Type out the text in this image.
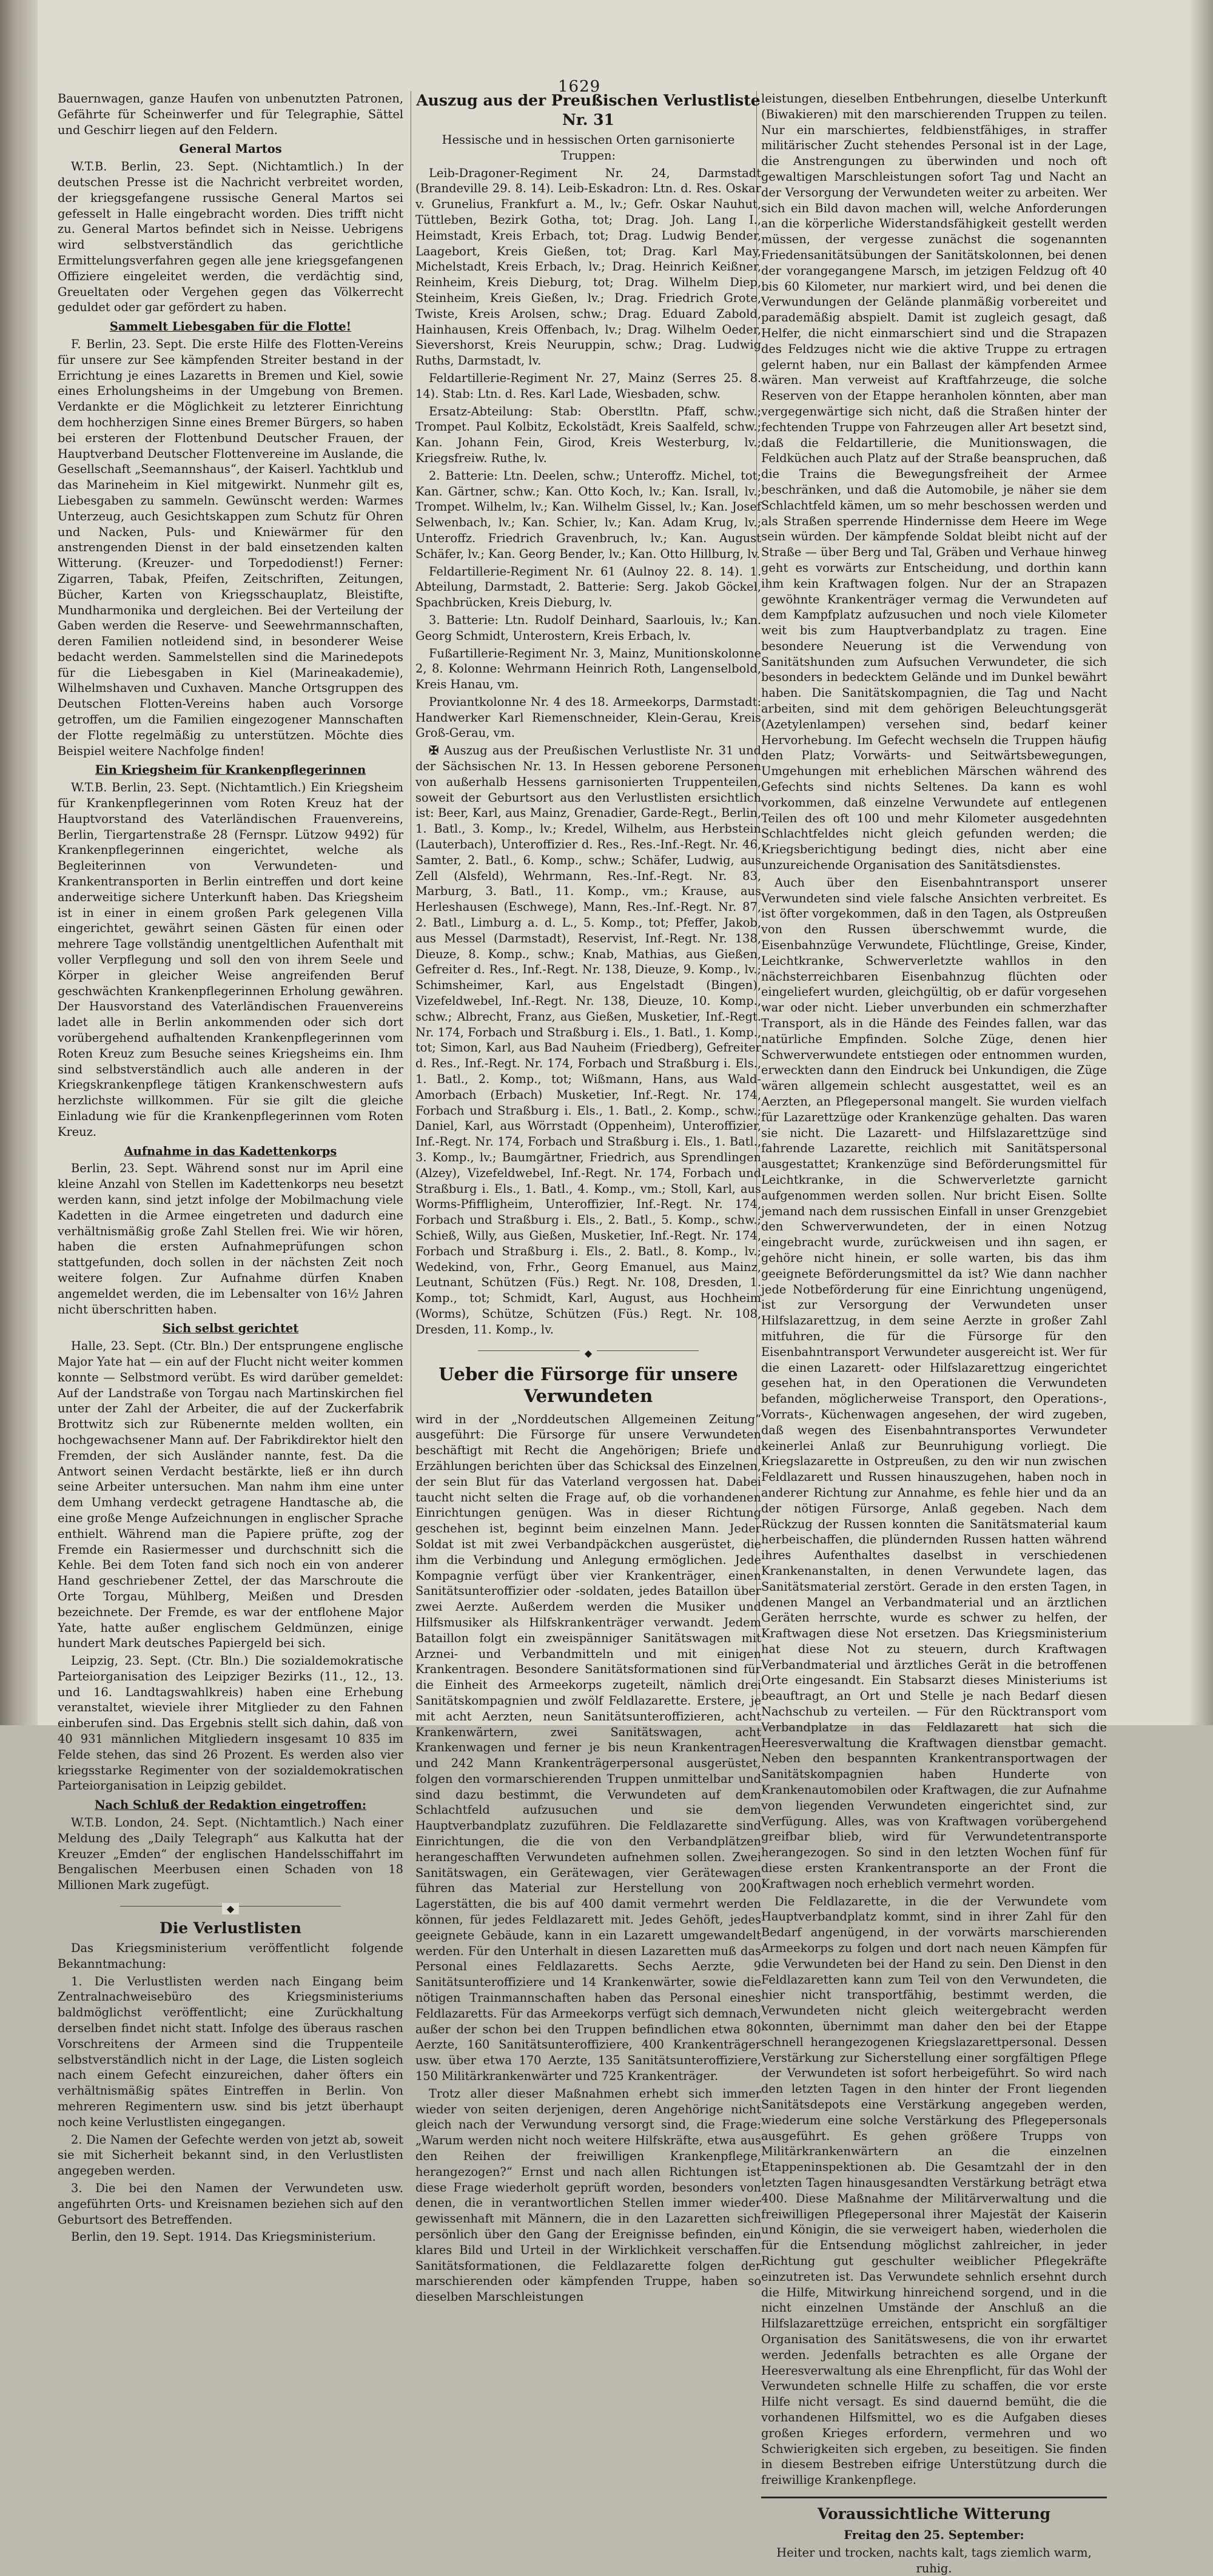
1629

Bauernwagen, ganze Haufen von unbenutzten Patronen, Gefährte für Scheinwerfer und für Telegraphie, Sättel und Geschirr liegen auf den Feldern.

General Martos

W.T.B. Berlin, 23. Sept. (Nichtamtlich.) In der deutschen Presse ist die Nachricht verbreitet worden, der kriegsgefangene russische General Martos sei gefesselt in Halle eingebracht worden. Dies trifft nicht zu. General Martos befindet sich in Neisse. Uebrigens wird selbstverständlich das gerichtliche Ermittelungsverfahren gegen alle jene kriegsgefangenen Offiziere eingeleitet werden, die verdächtig sind, Greueltaten oder Vergehen gegen das Völkerrecht geduldet oder gar gefördert zu haben.

Sammelt Liebesgaben für die Flotte!

F. Berlin, 23. Sept. Die erste Hilfe des Flotten-Vereins für unsere zur See kämpfenden Streiter bestand in der Errichtung je eines Lazaretts in Bremen und Kiel, sowie eines Erholungsheims in der Umgebung von Bremen. Verdankte er die Möglichkeit zu letzterer Einrichtung dem hochherzigen Sinne eines Bremer Bürgers, so haben bei ersteren der Flottenbund Deutscher Frauen, der Hauptverband Deutscher Flottenvereine im Auslande, die Gesellschaft „Seemannshaus“, der Kaiserl. Yachtklub und das Marineheim in Kiel mitgewirkt. Nunmehr gilt es, Liebesgaben zu sammeln. Gewünscht werden: Warmes Unterzeug, auch Gesichtskappen zum Schutz für Ohren und Nacken, Puls- und Kniewärmer für den anstrengenden Dienst in der bald einsetzenden kalten Witterung. (Kreuzer- und Torpedodienst!) Ferner: Zigarren, Tabak, Pfeifen, Zeitschriften, Zeitungen, Bücher, Karten von Kriegsschauplatz, Bleistifte, Mundharmonika und dergleichen. Bei der Verteilung der Gaben werden die Reserve- und Seewehrmannschaften, deren Familien notleidend sind, in besonderer Weise bedacht werden. Sammelstellen sind die Marinedepots für die Liebesgaben in Kiel (Marineakademie), Wilhelmshaven und Cuxhaven. Manche Ortsgruppen des Deutschen Flotten-Vereins haben auch Vorsorge getroffen, um die Familien eingezogener Mannschaften der Flotte regelmäßig zu unterstützen. Möchte dies Beispiel weitere Nachfolge finden!

Ein Kriegsheim für Krankenpflegerinnen

W.T.B. Berlin, 23. Sept. (Nichtamtlich.) Ein Kriegsheim für Krankenpflegerinnen vom Roten Kreuz hat der Hauptvorstand des Vaterländischen Frauenvereins, Berlin, Tiergartenstraße 28 (Fernspr. Lützow 9492) für Krankenpflegerinnen eingerichtet, welche als Begleiterinnen von Verwundeten- und Krankentransporten in Berlin eintreffen und dort keine anderweitige sichere Unterkunft haben. Das Kriegsheim ist in einer in einem großen Park gelegenen Villa eingerichtet, gewährt seinen Gästen für einen oder mehrere Tage vollständig unentgeltlichen Aufenthalt mit voller Verpflegung und soll den von ihrem Seele und Körper in gleicher Weise angreifenden Beruf geschwächten Krankenpflegerinnen Erholung gewähren. Der Hausvorstand des Vaterländischen Frauenvereins ladet alle in Berlin ankommenden oder sich dort vorübergehend aufhaltenden Krankenpflegerinnen vom Roten Kreuz zum Besuche seines Kriegsheims ein. Ihm sind selbstverständlich auch alle anderen in der Kriegskrankenpflege tätigen Krankenschwestern aufs herzlichste willkommen. Für sie gilt die gleiche Einladung wie für die Krankenpflegerinnen vom Roten Kreuz.

Aufnahme in das Kadettenkorps

Berlin, 23. Sept. Während sonst nur im April eine kleine Anzahl von Stellen im Kadettenkorps neu besetzt werden kann, sind jetzt infolge der Mobilmachung viele Kadetten in die Armee eingetreten und dadurch eine verhältnismäßig große Zahl Stellen frei. Wie wir hören, haben die ersten Aufnahmeprüfungen schon stattgefunden, doch sollen in der nächsten Zeit noch weitere folgen. Zur Aufnahme dürfen Knaben angemeldet werden, die im Lebensalter von 16½ Jahren nicht überschritten haben.

Sich selbst gerichtet

Halle, 23. Sept. (Ctr. Bln.) Der entsprungene englische Major Yate hat — ein auf der Flucht nicht weiter kommen konnte — Selbstmord verübt. Es wird darüber gemeldet: Auf der Landstraße von Torgau nach Martinskirchen fiel unter der Zahl der Arbeiter, die auf der Zuckerfabrik Brottwitz sich zur Rübenernte melden wollten, ein hochgewachsener Mann auf. Der Fabrikdirektor hielt den Fremden, der sich Ausländer nannte, fest. Da die Antwort seinen Verdacht bestärkte, ließ er ihn durch seine Arbeiter untersuchen. Man nahm ihm eine unter dem Umhang verdeckt getragene Handtasche ab, die eine große Menge Aufzeichnungen in englischer Sprache enthielt. Während man die Papiere prüfte, zog der Fremde ein Rasiermesser und durchschnitt sich die Kehle. Bei dem Toten fand sich noch ein von anderer Hand geschriebener Zettel, der das Marschroute die Orte Torgau, Mühlberg, Meißen und Dresden bezeichnete. Der Fremde, es war der entflohene Major Yate, hatte außer englischem Geldmünzen, einige hundert Mark deutsches Papiergeld bei sich.

Leipzig, 23. Sept. (Ctr. Bln.) Die sozialdemokratische Parteiorganisation des Leipziger Bezirks (11., 12., 13. und 16. Landtagswahlkreis) haben eine Erhebung veranstaltet, wieviele ihrer Mitglieder zu den Fahnen einberufen sind. Das Ergebnis stellt sich dahin, daß von 40 931 männlichen Mitgliedern insgesamt 10 835 im Felde stehen, das sind 26 Prozent. Es werden also vier kriegsstarke Regimenter von der sozialdemokratischen Parteiorganisation in Leipzig gebildet.

Nach Schluß der Redaktion eingetroffen:

W.T.B. London, 24. Sept. (Nichtamtlich.) Nach einer Meldung des „Daily Telegraph“ aus Kalkutta hat der Kreuzer „Emden“ der englischen Handelsschiffahrt im Bengalischen Meerbusen einen Schaden von 18 Millionen Mark zugefügt.

◆

Die Verlustlisten

Das Kriegsministerium veröffentlicht folgende Bekanntmachung:

1. Die Verlustlisten werden nach Eingang beim Zentralnachweisebüro des Kriegsministeriums baldmöglichst veröffentlicht; eine Zurückhaltung derselben findet nicht statt. Infolge des überaus raschen Vorschreitens der Armeen sind die Truppenteile selbstverständlich nicht in der Lage, die Listen sogleich nach einem Gefecht einzureichen, daher öfters ein verhältnismäßig spätes Eintreffen in Berlin. Von mehreren Regimentern usw. sind bis jetzt überhaupt noch keine Verlustlisten eingegangen.

2. Die Namen der Gefechte werden von jetzt ab, soweit sie mit Sicherheit bekannt sind, in den Verlustlisten angegeben werden.

3. Die bei den Namen der Verwundeten usw. angeführten Orts- und Kreisnamen beziehen sich auf den Geburtsort des Betreffenden.

Berlin, den 19. Sept. 1914. Das Kriegsministerium.

Auszug aus der Preußischen Verlustliste Nr. 31

Hessische und in hessischen Orten garnisonierte Truppen:

Leib-Dragoner-Regiment Nr. 24, Darmstadt (Brandeville 29. 8. 14). Leib-Eskadron: Ltn. d. Res. Oskar v. Grunelius, Frankfurt a. M., lv.; Gefr. Oskar Nauhut, Tüttleben, Bezirk Gotha, tot; Drag. Joh. Lang I., Heimstadt, Kreis Erbach, tot; Drag. Ludwig Bender, Laagebort, Kreis Gießen, tot; Drag. Karl May, Michelstadt, Kreis Erbach, lv.; Drag. Heinrich Keißner, Reinheim, Kreis Dieburg, tot; Drag. Wilhelm Diep, Steinheim, Kreis Gießen, lv.; Drag. Friedrich Grote, Twiste, Kreis Arolsen, schw.; Drag. Eduard Zabold, Hainhausen, Kreis Offenbach, lv.; Drag. Wilhelm Oeder, Sievershorst, Kreis Neuruppin, schw.; Drag. Ludwig Ruths, Darmstadt, lv.

Feldartillerie-Regiment Nr. 27, Mainz (Serres 25. 8. 14). Stab: Ltn. d. Res. Karl Lade, Wiesbaden, schw.

Ersatz-Abteilung: Stab: Oberstltn. Pfaff, schw.; Trompet. Paul Kolbitz, Eckolstädt, Kreis Saalfeld, schw.; Kan. Johann Fein, Girod, Kreis Westerburg, lv.; Kriegsfreiw. Ruthe, lv.

2. Batterie: Ltn. Deelen, schw.; Unteroffz. Michel, tot; Kan. Gärtner, schw.; Kan. Otto Koch, lv.; Kan. Israll, lv.; Trompet. Wilhelm, lv.; Kan. Wilhelm Gissel, lv.; Kan. Josef Selwenbach, lv.; Kan. Schier, lv.; Kan. Adam Krug, lv.; Unteroffz. Friedrich Gravenbruch, lv.; Kan. August Schäfer, lv.; Kan. Georg Bender, lv.; Kan. Otto Hillburg, lv.

Feldartillerie-Regiment Nr. 61 (Aulnoy 22. 8. 14). 1. Abteilung, Darmstadt, 2. Batterie: Serg. Jakob Göckel, Spachbrücken, Kreis Dieburg, lv.

3. Batterie: Ltn. Rudolf Deinhard, Saarlouis, lv.; Kan. Georg Schmidt, Unterostern, Kreis Erbach, lv.

Fußartillerie-Regiment Nr. 3, Mainz, Munitionskolonne 2, 8. Kolonne: Wehrmann Heinrich Roth, Langenselbold, Kreis Hanau, vm.

Proviantkolonne Nr. 4 des 18. Armeekorps, Darmstadt: Handwerker Karl Riemenschneider, Klein-Gerau, Kreis Groß-Gerau, vm.

✠ Auszug aus der Preußischen Verlustliste Nr. 31 und der Sächsischen Nr. 13. In Hessen geborene Personen von außerhalb Hessens garnisonierten Truppenteilen, soweit der Geburtsort aus den Verlustlisten ersichtlich ist: Beer, Karl, aus Mainz, Grenadier, Garde-Regt., Berlin, 1. Batl., 3. Komp., lv.; Kredel, Wilhelm, aus Herbstein (Lauterbach), Unteroffizier d. Res., Res.-Inf.-Regt. Nr. 46, Samter, 2. Batl., 6. Komp., schw.; Schäfer, Ludwig, aus Zell (Alsfeld), Wehrmann, Res.-Inf.-Regt. Nr. 83, Marburg, 3. Batl., 11. Komp., vm.; Krause, aus Herleshausen (Eschwege), Mann, Res.-Inf.-Regt. Nr. 87, 2. Batl., Limburg a. d. L., 5. Komp., tot; Pfeffer, Jakob, aus Messel (Darmstadt), Reservist, Inf.-Regt. Nr. 138, Dieuze, 8. Komp., schw.; Knab, Mathias, aus Gießen, Gefreiter d. Res., Inf.-Regt. Nr. 138, Dieuze, 9. Komp., lv.; Schimsheimer, Karl, aus Engelstadt (Bingen), Vizefeldwebel, Inf.-Regt. Nr. 138, Dieuze, 10. Komp., schw.; Albrecht, Franz, aus Gießen, Musketier, Inf.-Regt. Nr. 174, Forbach und Straßburg i. Els., 1. Batl., 1. Komp., tot; Simon, Karl, aus Bad Nauheim (Friedberg), Gefreiter d. Res., Inf.-Regt. Nr. 174, Forbach und Straßburg i. Els., 1. Batl., 2. Komp., tot; Wißmann, Hans, aus Wald-Amorbach (Erbach) Musketier, Inf.-Regt. Nr. 174, Forbach und Straßburg i. Els., 1. Batl., 2. Komp., schw.; Daniel, Karl, aus Wörrstadt (Oppenheim), Unteroffizier, Inf.-Regt. Nr. 174, Forbach und Straßburg i. Els., 1. Batl., 3. Komp., lv.; Baumgärtner, Friedrich, aus Sprendlingen (Alzey), Vizefeldwebel, Inf.-Regt. Nr. 174, Forbach und Straßburg i. Els., 1. Batl., 4. Komp., vm.; Stoll, Karl, aus Worms-Pfiffligheim, Unteroffizier, Inf.-Regt. Nr. 174, Forbach und Straßburg i. Els., 2. Batl., 5. Komp., schw.; Schieß, Willy, aus Gießen, Musketier, Inf.-Regt. Nr. 174, Forbach und Straßburg i. Els., 2. Batl., 8. Komp., lv.; Wedekind, von, Frhr., Georg Emanuel, aus Mainz, Leutnant, Schützen (Füs.) Regt. Nr. 108, Dresden, 1. Komp., tot; Schmidt, Karl, August, aus Hochheim (Worms), Schütze, Schützen (Füs.) Regt. Nr. 108, Dresden, 11. Komp., lv.

◆

Ueber die Fürsorge für unsere Verwundeten

wird in der „Norddeutschen Allgemeinen Zeitung“ ausgeführt: Die Fürsorge für unsere Verwundeten beschäftigt mit Recht die Angehörigen; Briefe und Erzählungen berichten über das Schicksal des Einzelnen, der sein Blut für das Vaterland vergossen hat. Dabei taucht nicht selten die Frage auf, ob die vorhandenen Einrichtungen genügen. Was in dieser Richtung geschehen ist, beginnt beim einzelnen Mann. Jeder Soldat ist mit zwei Verbandpäckchen ausgerüstet, die ihm die Verbindung und Anlegung ermöglichen. Jede Kompagnie verfügt über vier Krankenträger, einen Sanitätsunteroffizier oder -soldaten, jedes Bataillon über zwei Aerzte. Außerdem werden die Musiker und Hilfsmusiker als Hilfskrankenträger verwandt. Jedem Bataillon folgt ein zweispänniger Sanitätswagen mit Arznei- und Verbandmitteln und mit einigen Krankentragen. Besondere Sanitätsformationen sind für die Einheit des Armeekorps zugeteilt, nämlich drei Sanitätskompagnien und zwölf Feldlazarette. Erstere, je mit acht Aerzten, neun Sanitätsunteroffizieren, acht Krankenwärtern, zwei Sanitätswagen, acht Krankenwagen und ferner je bis neun Krankentragen und 242 Mann Krankenträgerpersonal ausgerüstet, folgen den vormarschierenden Truppen unmittelbar und sind dazu bestimmt, die Verwundeten auf dem Schlachtfeld aufzusuchen und sie dem Hauptverbandplatz zuzuführen. Die Feldlazarette sind Einrichtungen, die die von den Verbandplätzen herangeschafften Verwundeten aufnehmen sollen. Zwei Sanitätswagen, ein Gerätewagen, vier Gerätewagen führen das Material zur Herstellung von 200 Lagerstätten, die bis auf 400 damit vermehrt werden können, für jedes Feldlazarett mit. Jedes Gehöft, jedes geeignete Gebäude, kann in ein Lazarett umgewandelt werden. Für den Unterhalt in diesen Lazaretten muß das Personal eines Feldlazaretts. Sechs Aerzte, 9 Sanitätsunteroffiziere und 14 Krankenwärter, sowie die nötigen Trainmannschaften haben das Personal eines Feldlazaretts. Für das Armeekorps verfügt sich demnach, außer der schon bei den Truppen befindlichen etwa 80 Aerzte, 160 Sanitätsunteroffiziere, 400 Krankenträger usw. über etwa 170 Aerzte, 135 Sanitätsunteroffiziere, 150 Militärkrankenwärter und 725 Krankenträger.

Trotz aller dieser Maßnahmen erhebt sich immer wieder von seiten derjenigen, deren Angehörige nicht gleich nach der Verwundung versorgt sind, die Frage: „Warum werden nicht noch weitere Hilfskräfte, etwa aus den Reihen der freiwilligen Krankenpflege, herangezogen?“ Ernst und nach allen Richtungen ist diese Frage wiederholt geprüft worden, besonders von denen, die in verantwortlichen Stellen immer wieder gewissenhaft mit Männern, die in den Lazaretten sich persönlich über den Gang der Ereignisse befinden, ein klares Bild und Urteil in der Wirklichkeit verschaffen. Sanitätsformationen, die Feldlazarette folgen der marschierenden oder kämpfenden Truppe, haben so dieselben Marschleistungen

leistungen, dieselben Entbehrungen, dieselbe Unterkunft (Biwakieren) mit den marschierenden Truppen zu teilen. Nur ein marschiertes, feldbienstfähiges, in straffer militärischer Zucht stehendes Personal ist in der Lage, die Anstrengungen zu überwinden und noch oft gewaltigen Marschleistungen sofort Tag und Nacht an der Versorgung der Verwundeten weiter zu arbeiten. Wer sich ein Bild davon machen will, welche Anforderungen an die körperliche Widerstandsfähigkeit gestellt werden müssen, der vergesse zunächst die sogenannten Friedensanitätsübungen der Sanitätskolonnen, bei denen der vorangegangene Marsch, im jetzigen Feldzug oft 40 bis 60 Kilometer, nur markiert wird, und bei denen die Verwundungen der Gelände planmäßig vorbereitet und parademäßig abspielt. Damit ist zugleich gesagt, daß Helfer, die nicht einmarschiert sind und die Strapazen des Feldzuges nicht wie die aktive Truppe zu ertragen gelernt haben, nur ein Ballast der kämpfenden Armee wären. Man verweist auf Kraftfahrzeuge, die solche Reserven von der Etappe heranholen könnten, aber man vergegenwärtige sich nicht, daß die Straßen hinter der fechtenden Truppe von Fahrzeugen aller Art besetzt sind, daß die Feldartillerie, die Munitionswagen, die Feldküchen auch Platz auf der Straße beanspruchen, daß die Trains die Bewegungsfreiheit der Armee beschränken, und daß die Automobile, je näher sie dem Schlachtfeld kämen, um so mehr beschossen werden und als Straßen sperrende Hindernisse dem Heere im Wege sein würden. Der kämpfende Soldat bleibt nicht auf der Straße — über Berg und Tal, Gräben und Verhaue hinweg geht es vorwärts zur Entscheidung, und dorthin kann ihm kein Kraftwagen folgen. Nur der an Strapazen gewöhnte Krankenträger vermag die Verwundeten auf dem Kampfplatz aufzusuchen und noch viele Kilometer weit bis zum Hauptverbandplatz zu tragen. Eine besondere Neuerung ist die Verwendung von Sanitätshunden zum Aufsuchen Verwundeter, die sich besonders in bedecktem Gelände und im Dunkel bewährt haben. Die Sanitätskompagnien, die Tag und Nacht arbeiten, sind mit dem gehörigen Beleuchtungsgerät (Azetylenlampen) versehen sind, bedarf keiner Hervorhebung. Im Gefecht wechseln die Truppen häufig den Platz; Vorwärts- und Seitwärtsbewegungen, Umgehungen mit erheblichen Märschen während des Gefechts sind nichts Seltenes. Da kann es wohl vorkommen, daß einzelne Verwundete auf entlegenen Teilen des oft 100 und mehr Kilometer ausgedehnten Schlachtfeldes nicht gleich gefunden werden; die Kriegsberichtigung bedingt dies, nicht aber eine unzureichende Organisation des Sanitätsdienstes.

Auch über den Eisenbahntransport unserer Verwundeten sind viele falsche Ansichten verbreitet. Es ist öfter vorgekommen, daß in den Tagen, als Ostpreußen von den Russen überschwemmt wurde, die Eisenbahnzüge Verwundete, Flüchtlinge, Greise, Kinder, Leichtkranke, Schwerverletzte wahllos in den nächsterreichbaren Eisenbahnzug flüchten oder eingeliefert wurden, gleichgültig, ob er dafür vorgesehen war oder nicht. Lieber unverbunden ein schmerzhafter Transport, als in die Hände des Feindes fallen, war das natürliche Empfinden. Solche Züge, denen hier Schwerverwundete entstiegen oder entnommen wurden, erweckten dann den Eindruck bei Unkundigen, die Züge wären allgemein schlecht ausgestattet, weil es an Aerzten, an Pflegepersonal mangelt. Sie wurden vielfach für Lazarettzüge oder Krankenzüge gehalten. Das waren sie nicht. Die Lazarett- und Hilfslazarettzüge sind fahrende Lazarette, reichlich mit Sanitätspersonal ausgestattet; Krankenzüge sind Beförderungsmittel für Leichtkranke, in die Schwerverletzte garnicht aufgenommen werden sollen. Nur bricht Eisen. Sollte jemand nach dem russischen Einfall in unser Grenzgebiet den Schwerverwundeten, der in einen Notzug eingebracht wurde, zurückweisen und ihn sagen, er gehöre nicht hinein, er solle warten, bis das ihm geeignete Beförderungsmittel da ist? Wie dann nachher jede Notbeförderung für eine Einrichtung ungenügend, ist zur Versorgung der Verwundeten unser Hilfslazarettzug, in dem seine Aerzte in großer Zahl mitfuhren, die für die Fürsorge für den Eisenbahntransport Verwundeter ausgereicht ist. Wer für die einen Lazarett- oder Hilfslazarettzug eingerichtet gesehen hat, in den Operationen die Verwundeten befanden, möglicherweise Transport, den Operations-, Vorrats-, Küchenwagen angesehen, der wird zugeben, daß wegen des Eisenbahntransportes Verwundeter keinerlei Anlaß zur Beunruhigung vorliegt. Die Kriegslazarette in Ostpreußen, zu den wir nun zwischen Feldlazarett und Russen hinauszugehen, haben noch in anderer Richtung zur Annahme, es fehle hier und da an der nötigen Fürsorge, Anlaß gegeben. Nach dem Rückzug der Russen konnten die Sanitätsmaterial kaum herbeischaffen, die plündernden Russen hatten während ihres Aufenthaltes daselbst in verschiedenen Krankenanstalten, in denen Verwundete lagen, das Sanitätsmaterial zerstört. Gerade in den ersten Tagen, in denen Mangel an Verbandmaterial und an ärztlichen Geräten herrschte, wurde es schwer zu helfen, der Kraftwagen diese Not ersetzen. Das Kriegsministerium hat diese Not zu steuern, durch Kraftwagen Verbandmaterial und ärztliches Gerät in die betroffenen Orte eingesandt. Ein Stabsarzt dieses Ministeriums ist beauftragt, an Ort und Stelle je nach Bedarf diesen Nachschub zu verteilen. — Für den Rücktransport vom Verbandplatze in das Feldlazarett hat sich die Heeresverwaltung die Kraftwagen dienstbar gemacht. Neben den bespannten Krankentransportwagen der Sanitätskompagnien haben Hunderte von Krankenautomobilen oder Kraftwagen, die zur Aufnahme von liegenden Verwundeten eingerichtet sind, zur Verfügung. Alles, was von Kraftwagen vorübergehend greifbar blieb, wird für Verwundetentransporte herangezogen. So sind in den letzten Wochen fünf für diese ersten Krankentransporte an der Front die Kraftwagen noch erheblich vermehrt worden.

Die Feldlazarette, in die der Verwundete vom Hauptverbandplatz kommt, sind in ihrer Zahl für den Bedarf angenügend, in der vorwärts marschierenden Armeekorps zu folgen und dort nach neuen Kämpfen für die Verwundeten bei der Hand zu sein. Den Dienst in den Feldlazaretten kann zum Teil von den Verwundeten, die hier nicht transportfähig, bestimmt werden, die Verwundeten nicht gleich weitergebracht werden konnten, übernimmt man daher den bei der Etappe schnell herangezogenen Kriegslazarettpersonal. Dessen Verstärkung zur Sicherstellung einer sorgfältigen Pflege der Verwundeten ist sofort herbeigeführt. So wird nach den letzten Tagen in den hinter der Front liegenden Sanitätsdepots eine Verstärkung angegeben werden, wiederum eine solche Verstärkung des Pflegepersonals ausgeführt. Es gehen größere Trupps von Militärkrankenwärtern an die einzelnen Etappeninspektionen ab. Die Gesamtzahl der in den letzten Tagen hinausgesandten Verstärkung beträgt etwa 400. Diese Maßnahme der Militärverwaltung und die freiwilligen Pflegepersonal ihrer Majestät der Kaiserin und Königin, die sie verweigert haben, wiederholen die für die Entsendung möglichst zahlreicher, in jeder Richtung gut geschulter weiblicher Pflegekräfte einzutreten ist. Das Verwundete sehnlich ersehnt durch die Hilfe, Mitwirkung hinreichend sorgend, und in die nicht einzelnen Umstände der Anschluß an die Hilfslazarettzüge erreichen, entspricht ein sorgfältiger Organisation des Sanitätswesens, die von ihr erwartet werden. Jedenfalls betrachten es alle Organe der Heeresverwaltung als eine Ehrenpflicht, für das Wohl der Verwundeten schnelle Hilfe zu schaffen, die vor erste Hilfe nicht versagt. Es sind dauernd bemüht, die die vorhandenen Hilfsmittel, wo es die Aufgaben dieses großen Krieges erfordern, vermehren und wo Schwierigkeiten sich ergeben, zu beseitigen. Sie finden in diesem Bestreben eifrige Unterstützung durch die freiwillige Krankenpflege.

Voraussichtliche Witterung

Freitag den 25. September:

Heiter und trocken, nachts kalt, tags ziemlich warm, ruhig.
